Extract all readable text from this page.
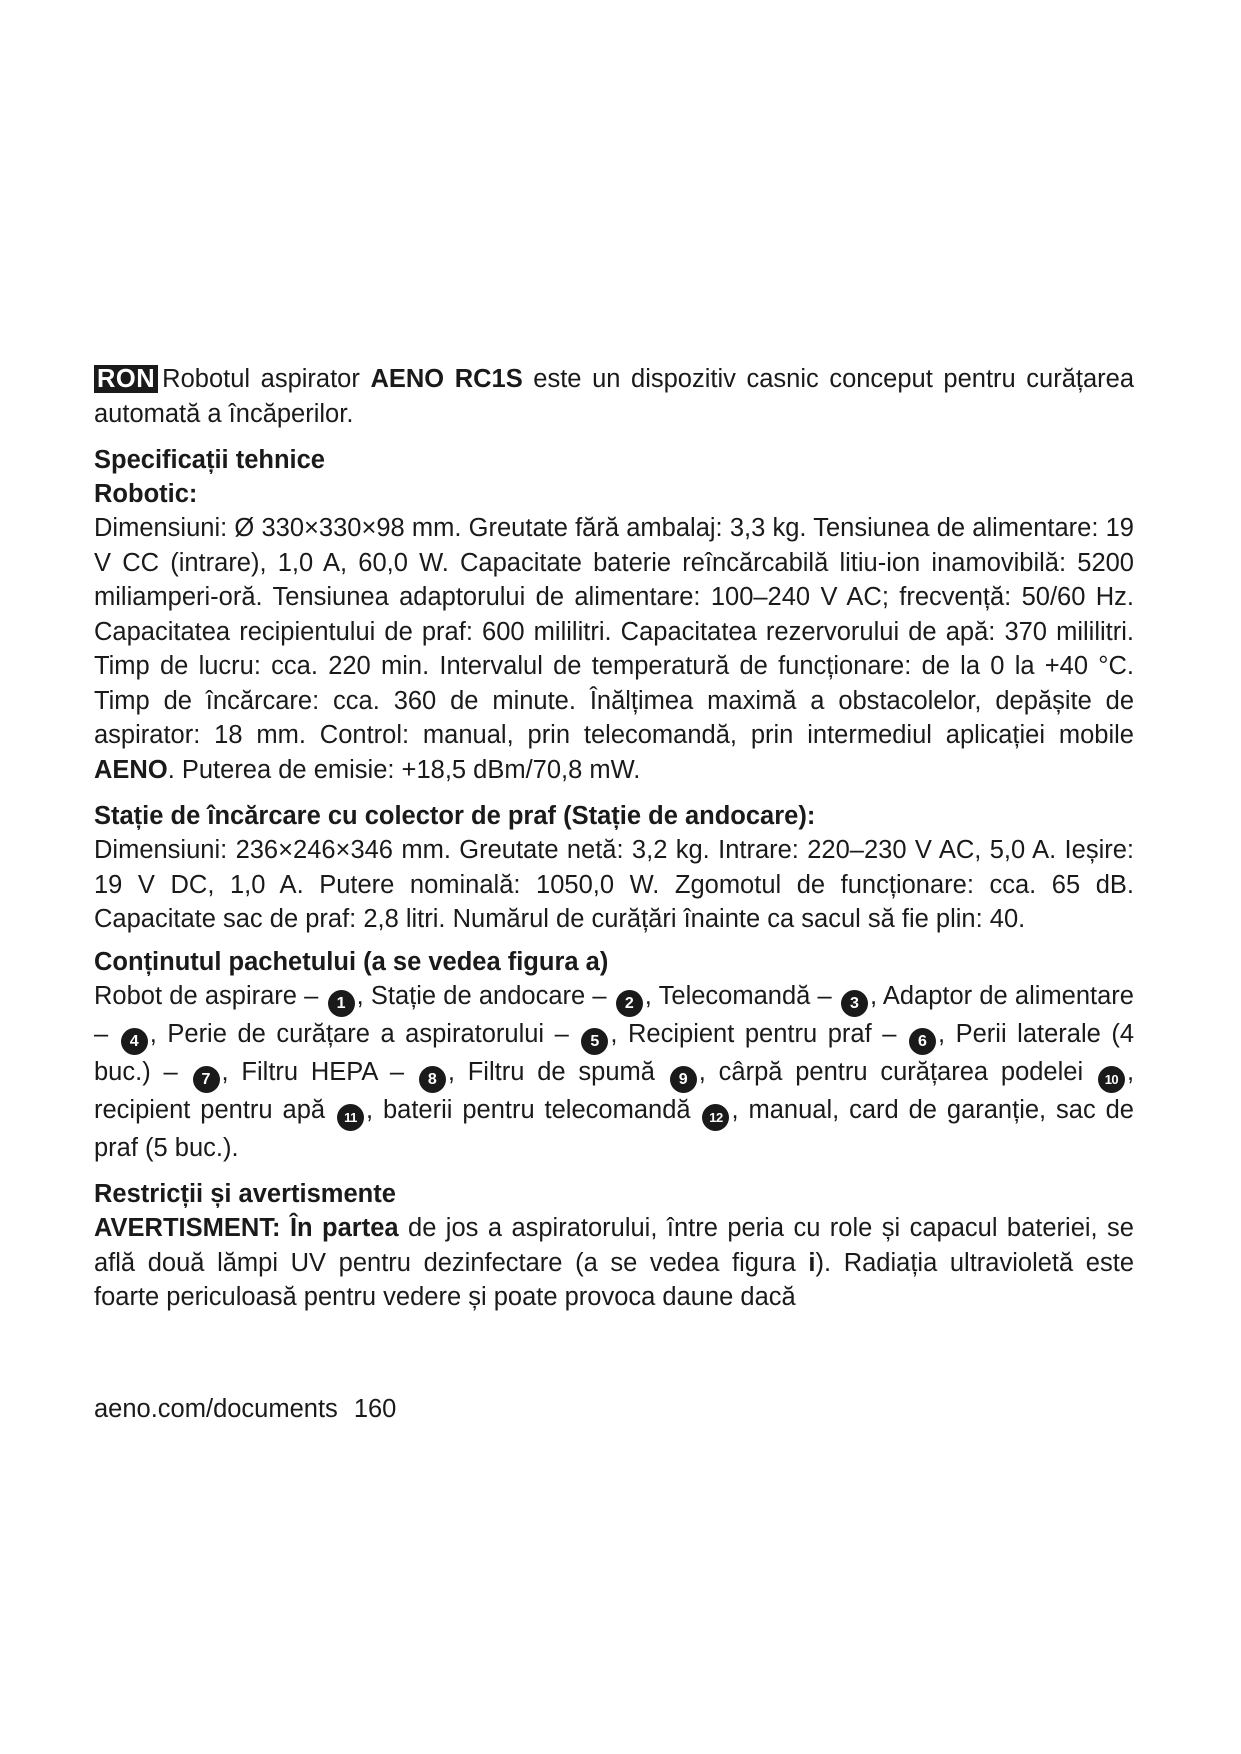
RON Robotul aspirator AENO RC1S este un dispozitiv casnic conceput pentru curățarea automată a încăperilor.

Specificații tehnice
Robotic:

Dimensiuni: Ø 330×330×98 mm. Greutate fără ambalaj: 3,3 kg. Tensiunea de alimentare: 19 V CC (intrare), 1,0 A, 60,0 W. Capacitate baterie reîncărcabilă litiu-ion inamovibilă: 5200 miliamperi-oră. Tensiunea adaptorului de alimentare: 100–240 V AC; frecvență: 50/60 Hz. Capacitatea recipientului de praf: 600 mililitri. Capacitatea rezervorului de apă: 370 mililitri. Timp de lucru: cca. 220 min. Intervalul de temperatură de funcționare: de la 0 la +40 °C. Timp de încărcare: cca. 360 de minute. Înălțimea maximă a obstacolelor, depășite de aspirator: 18 mm. Control: manual, prin telecomandă, prin intermediul aplicației mobile AENO. Puterea de emisie: +18,5 dBm/70,8 mW.

Stație de încărcare cu colector de praf (Stație de andocare):

Dimensiuni: 236×246×346 mm. Greutate netă: 3,2 kg. Intrare: 220–230 V AC, 5,0 A. Ieșire: 19 V DC, 1,0 A. Putere nominală: 1050,0 W. Zgomotul de funcționare: cca. 65 dB. Capacitate sac de praf: 2,8 litri. Numărul de curățări înainte ca sacul să fie plin: 40.

Conținutul pachetului (a se vedea figura a)

Robot de aspirare – 1 , Stație de andocare – 2 , Telecomandă – 3 , Adaptor de alimentare – 4 , Perie de curățare a aspiratorului – 5 , Recipient pentru praf – 6 , Perii laterale (4 buc.) – 7 , Filtru HEPA – 8 , Filtru de spumă 9 , cârpă pentru curățarea podelei 10 , recipient pentru apă 11 , baterii pentru telecomandă 12 , manual, card de garanție, sac de praf (5 buc.).

Restricții și avertismente

AVERTISMENT: În partea de jos a aspiratorului, între peria cu role și capacul bateriei, se află două lămpi UV pentru dezinfectare (a se vedea figura i). Radiația ultravioletă este foarte periculoasă pentru vedere și poate provoca daune dacă

aeno.com/documents 160
